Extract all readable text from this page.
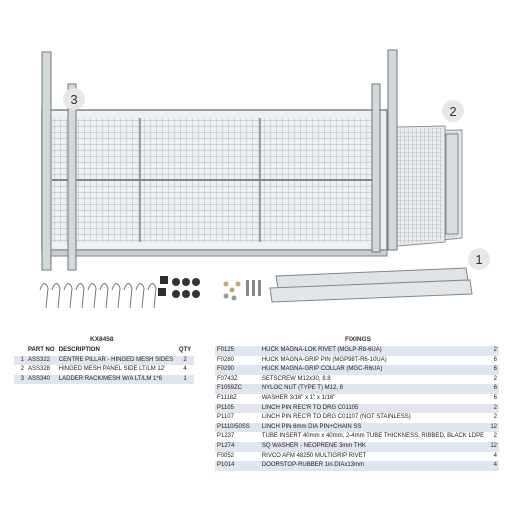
3
2
1
KX8458
	PART NO	DESCRIPTION	QTY
1	ASS322	CENTRE PILLAR - HINGED MESH SIDES	2
2	ASS328	HINGED MESH PANEL SIDE LT/LM 12'	4
3	ASS340	LADDER RACK/MESH W/A LT/LM 1*6	1
FIXINGS
F0125	HUCK MAGNA-LOK RIVET (MGLP-R8-6UA)	2
F0280	HUCK MAGNA-GRIP PIN (MGP98T-R6-10UA)	6
F0290	HUCK MAGNA-GRIP COLLAR (MGC-R6UA)	6
F0743Z	SETSCREW M12x30, 8.8	2
F1059ZC	NYLOC NUT (TYPE T) M12, 8	6
F1118Z	WASHER 3/16" x 1" x 1/16"	6
P1105	LINCH PIN REC'R TO DRG C01105	2
P1107	LINCH PIN REC'R TO DRG C01107 (NOT STAINLESS)	2
P1110/50SS	LINCH PIN 6mm DIA PIN+CHAIN SS	12
P1237	TUBE INSERT 40mm x 40mm, 2-4mm TUBE THICKNESS, RIBBED, BLACK LDPE	2
P1274	SQ WASHER - NEOPRENE 3mm THK	12
F0052	RIVCO AFM 48250 MULTIGRIP RIVET	4
P1014	DOORSTOP-RUBBER 1in.DIAx13mm	4
